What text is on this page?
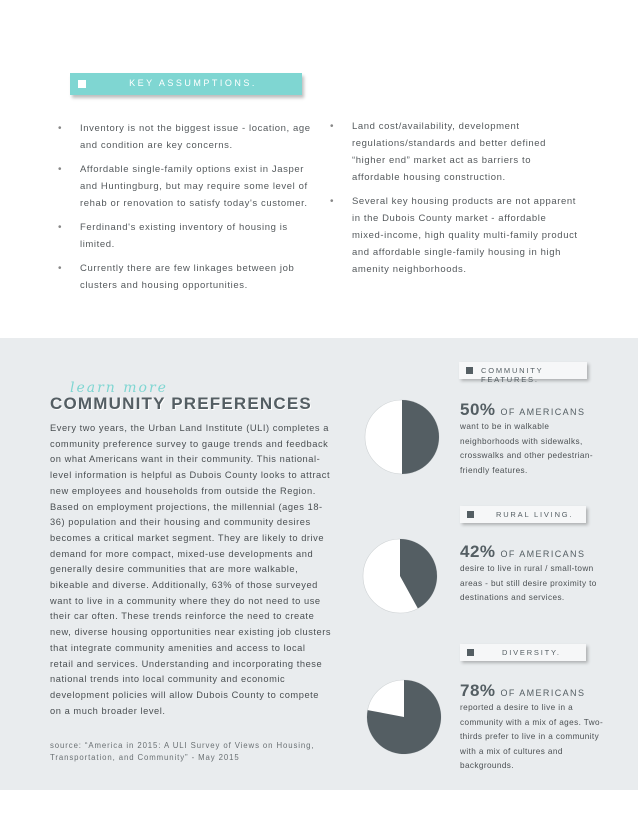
KEY ASSUMPTIONS.
• Inventory is not the biggest issue - location, age and condition are key concerns.
• Affordable single-family options exist in Jasper and Huntingburg, but may require some level of rehab or renovation to satisfy today's customer.
• Ferdinand's existing inventory of housing is limited.
• Currently there are few linkages between job clusters and housing opportunities.
• Land cost/availability, development regulations/standards and better defined “higher end” market act as barriers to affordable housing construction.
• Several key housing products are not apparent in the Dubois County market - affordable mixed-income, high quality multi-family product and affordable single-family housing in high amenity neighborhoods.
learn more
COMMUNITY PREFERENCES

Every two years, the Urban Land Institute (ULI) completes a community preference survey to gauge trends and feedback on what Americans want in their community. This national-level information is helpful as Dubois County looks to attract new employees and households from outside the Region. Based on employment projections, the millennial (ages 18-36) population and their housing and community desires becomes a critical market segment. They are likely to drive demand for more compact, mixed-use developments and generally desire communities that are more walkable, bikeable and diverse. Additionally, 63% of those surveyed want to live in a community where they do not need to use their car often. These trends reinforce the need to create new, diverse housing opportunities near existing job clusters that integrate community amenities and access to local retail and services. Understanding and incorporating these national trends into local community and economic development policies will allow Dubois County to compete on a much broader level.

source: “America in 2015: A ULI Survey of Views on Housing, Transportation, and Community” - May 2015

COMMUNITY FEATURES.
RURAL LIVING.
DIVERSITY.
50% OF AMERICANS
want to be in walkable neighborhoods with sidewalks, crosswalks and other pedestrian-friendly features.
42% OF AMERICANS
desire to live in rural / small-town areas - but still desire proximity to destinations and services.
78% OF AMERICANS
reported a desire to live in a community with a mix of ages. Two-thirds prefer to live in a community with a mix of cultures and backgrounds.
